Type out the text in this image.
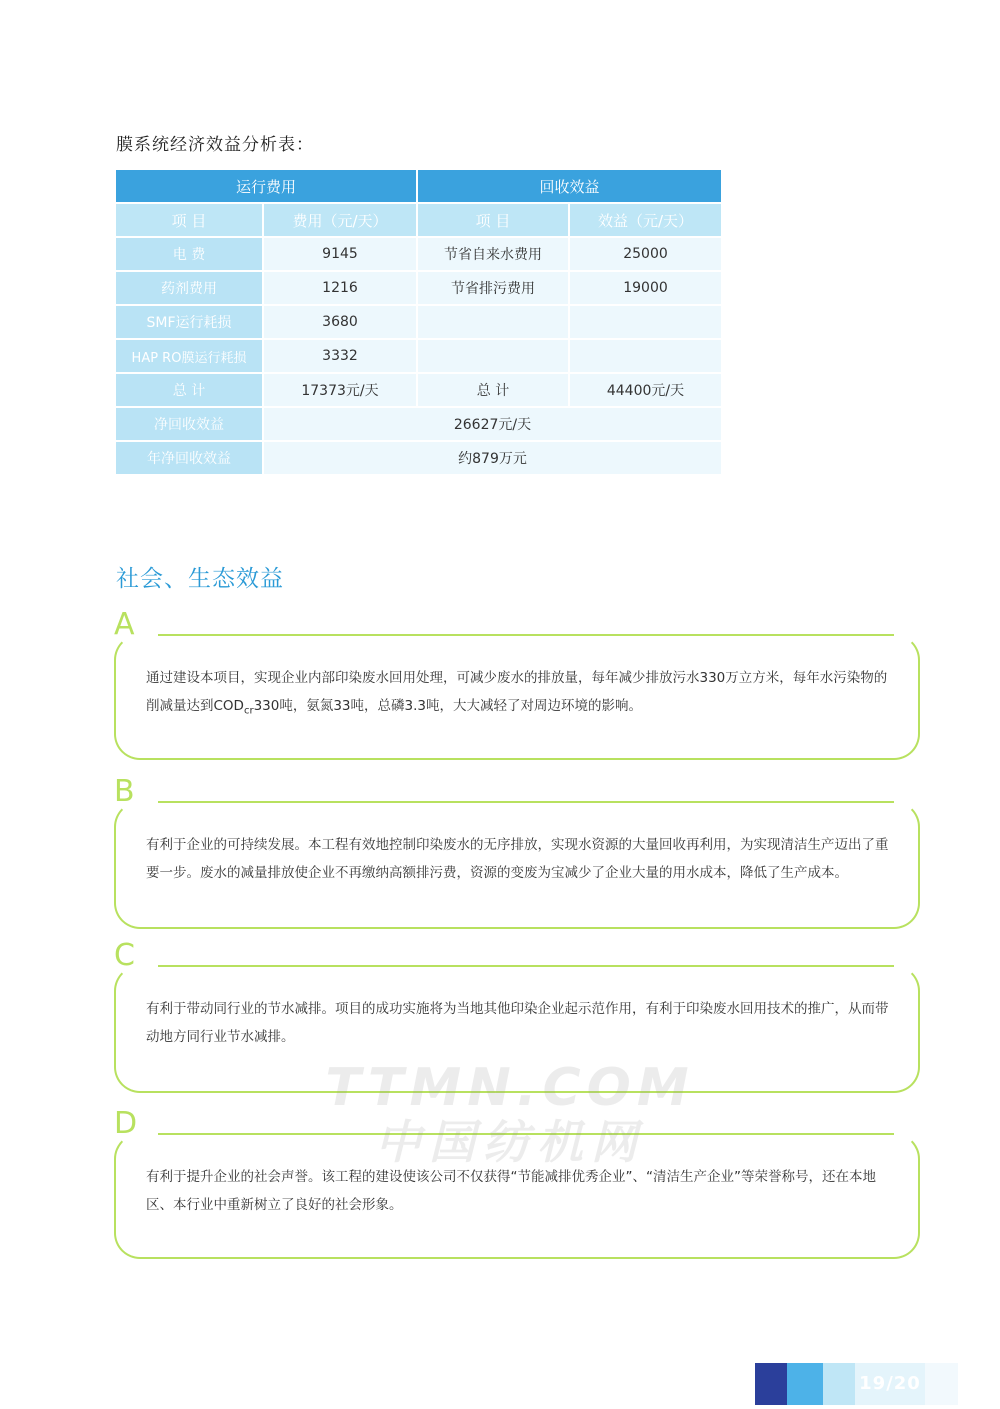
膜系统经济效益分析表：
运行费用		回收效益	
项 目	费用（元/天）	项 目	效益（元/天）
电 费	9145	节省自来水费用	25000
药剂费用	1216	节省排污费用	19000
SMF运行耗损	3680		
HAP RO膜运行耗损	3332		
总 计	17373元/天	总 计	44400元/天
净回收效益	26627元/天		
年净回收效益	约879万元		
社会、生态效益
A
通过建设本项目，实现企业内部印染废水回用处理，可减少废水的排放量，每年减少排放污水330万立方米，每年水污染物的削减量达到$COD_{cr}330$吨，氨氮33吨，总磷3.3吨，大大减轻了对周边环境的影响。
B
有利于企业的可持续发展。本工程有效地控制印染废水的无序排放，实现水资源的大量回收再利用，为实现清洁生产迈出了重要一步。废水的减量排放使企业不再缴纳高额排污费，资源的变废为宝减少了企业大量的用水成本，降低了生产成本。
C
有利于带动同行业的节水减排。项目的成功实施将为当地其他印染企业起示范作用，有利于印染废水回用技术的推广，从而带动地方同行业节水减排。
D
有利于提升企业的社会声誉。该工程的建设使该公司不仅获得“节能减排优秀企业”、“清洁生产企业”等荣誉称号，还在本地区、本行业中重新树立了良好的社会形象。
TTMN.COM
中国纺机网
19/20
